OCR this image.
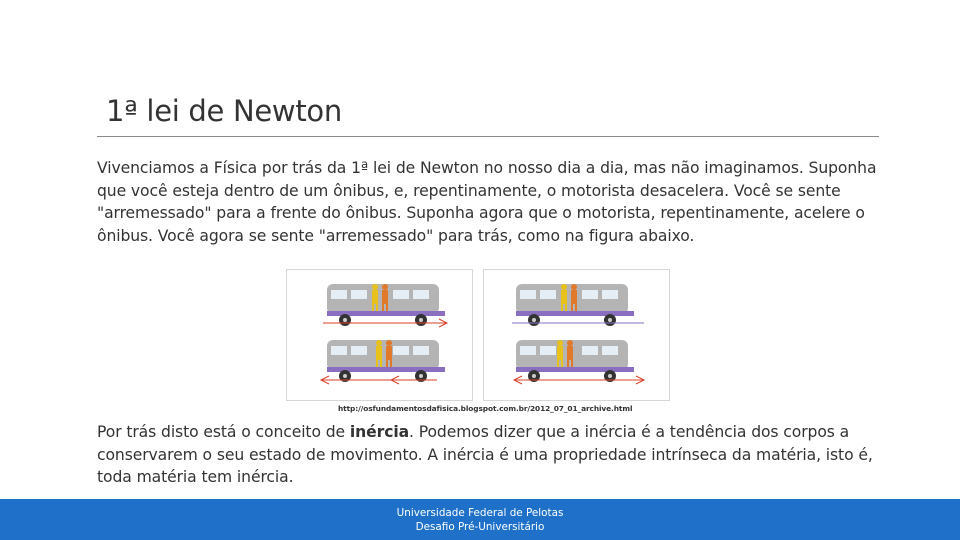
1ª lei de Newton

Vivenciamos a Física por trás da 1ª lei de Newton no nosso dia a dia, mas não imaginamos. Suponha que você esteja dentro de um ônibus, e, repentinamente, o motorista desacelera. Você se sente "arremessado" para a frente do ônibus. Suponha agora que o motorista, repentinamente, acelere o ônibus. Você agora se sente "arremessado" para trás, como na figura abaixo.

http://osfundamentosdafisica.blogspot.com.br/2012_07_01_archive.html

Por trás disto está o conceito de inércia. Podemos dizer que a inércia é a tendência dos corpos a conservarem o seu estado de movimento. A inércia é uma propriedade intrínseca da matéria, isto é, toda matéria tem inércia.

Universidade Federal de Pelotas
Desafio Pré-Universitário
